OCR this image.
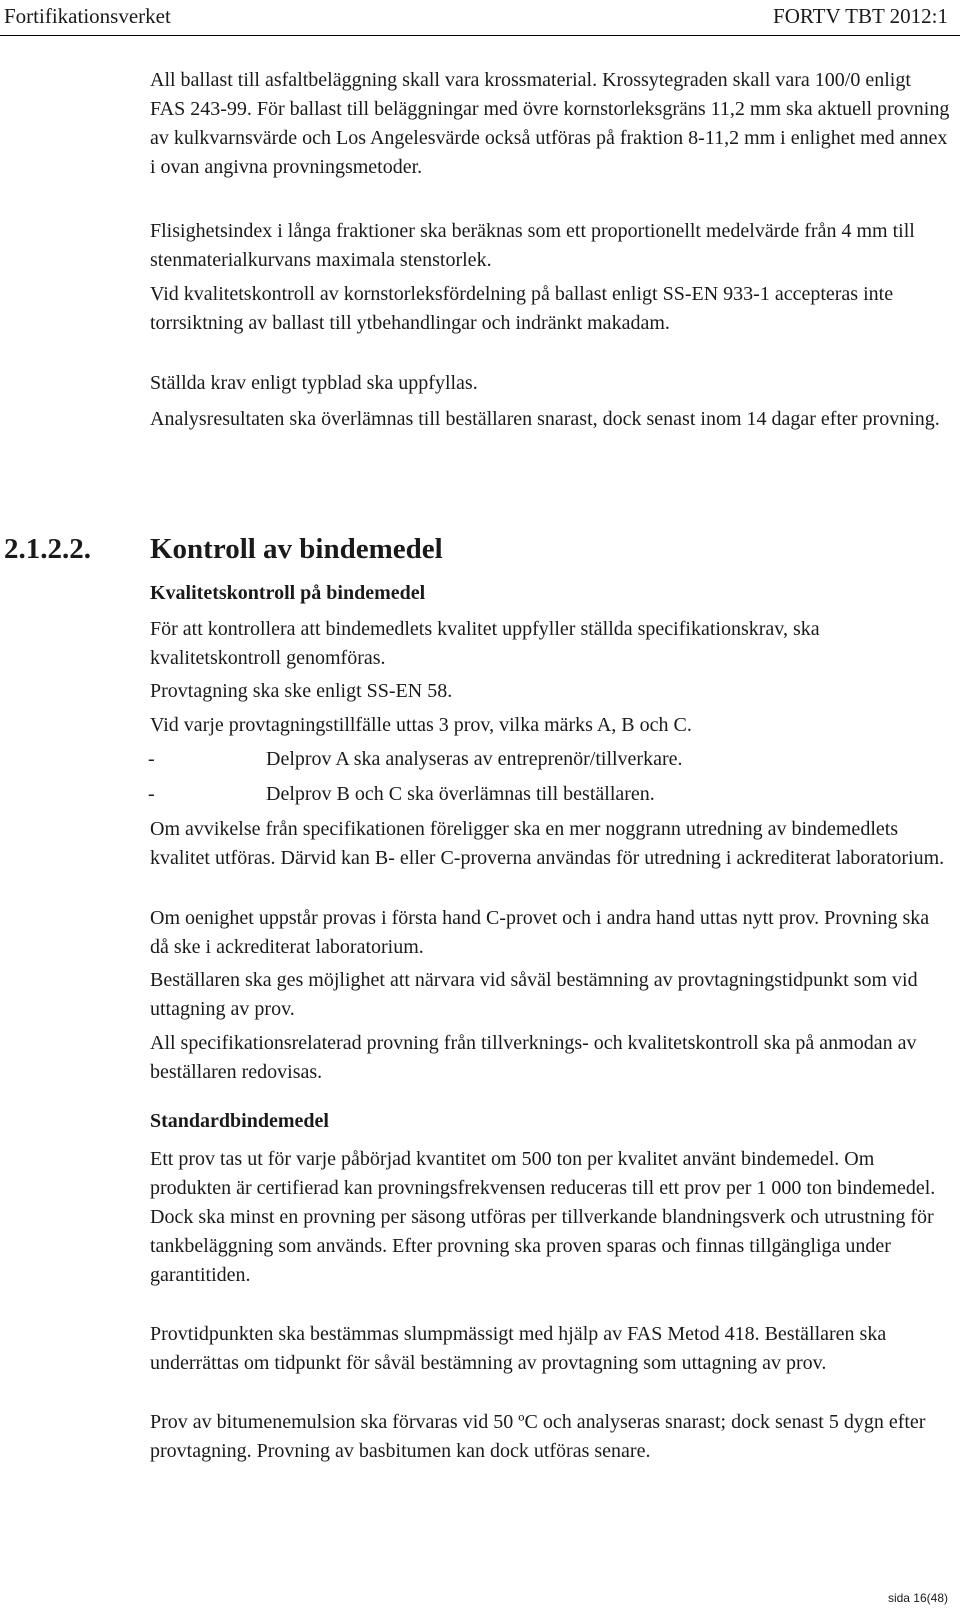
Fortifikationsverket	FORTV TBT 2012:1

All ballast till asfaltbeläggning skall vara krossmaterial. Krossytegraden skall vara 100/0 enligt FAS 243-99. För ballast till beläggningar med övre kornstorleksgräns 11,2 mm ska aktuell provning av kulkvarnsvärde och Los Angelesvärde också utföras på fraktion 8-11,2 mm i enlighet med annex i ovan angivna provningsmetoder.

Flisighetsindex i långa fraktioner ska beräknas som ett proportionellt medelvärde från 4 mm till stenmaterialkurvans maximala stenstorlek.

Vid kvalitetskontroll av kornstorleksfördelning på ballast enligt SS-EN 933-1 accepteras inte torrsiktning av ballast till ytbehandlingar och indränkt makadam.

Ställda krav enligt typblad ska uppfyllas.

Analysresultaten ska överlämnas till beställaren snarast, dock senast inom 14 dagar efter provning.

2.1.2.2. Kontroll av bindemedel
Kvalitetskontroll på bindemedel

För att kontrollera att bindemedlets kvalitet uppfyller ställda specifikationskrav, ska kvalitetskontroll genomföras.

Provtagning ska ske enligt SS-EN 58.

Vid varje provtagningstillfälle uttas 3 prov, vilka märks A, B och C.

-	Delprov A ska analyseras av entreprenör/tillverkare.
-	Delprov B och C ska överlämnas till beställaren.

Om avvikelse från specifikationen föreligger ska en mer noggrann utredning av bindemedlets kvalitet utföras. Därvid kan B- eller C-proverna användas för utredning i ackrediterat laboratorium.

Om oenighet uppstår provas i första hand C-provet och i andra hand uttas nytt prov. Provning ska då ske i ackrediterat laboratorium.

Beställaren ska ges möjlighet att närvara vid såväl bestämning av provtagningstidpunkt som vid uttagning av prov.

All specifikationsrelaterad provning från tillverknings- och kvalitetskontroll ska på anmodan av beställaren redovisas.

Standardbindemedel

Ett prov tas ut för varje påbörjad kvantitet om 500 ton per kvalitet använt bindemedel. Om produkten är certifierad kan provningsfrekvensen reduceras till ett prov per 1 000 ton bindemedel. Dock ska minst en provning per säsong utföras per tillverkande blandningsverk och utrustning för tankbeläggning som används. Efter provning ska proven sparas och finnas tillgängliga under garantitiden.

Provtidpunkten ska bestämmas slumpmässigt med hjälp av FAS Metod 418. Beställaren ska underrättas om tidpunkt för såväl bestämning av provtagning som uttagning av prov.

Prov av bitumenemulsion ska förvaras vid 50 ºC och analyseras snarast; dock senast 5 dygn efter provtagning. Provning av basbitumen kan dock utföras senare.

sida 16(48)
